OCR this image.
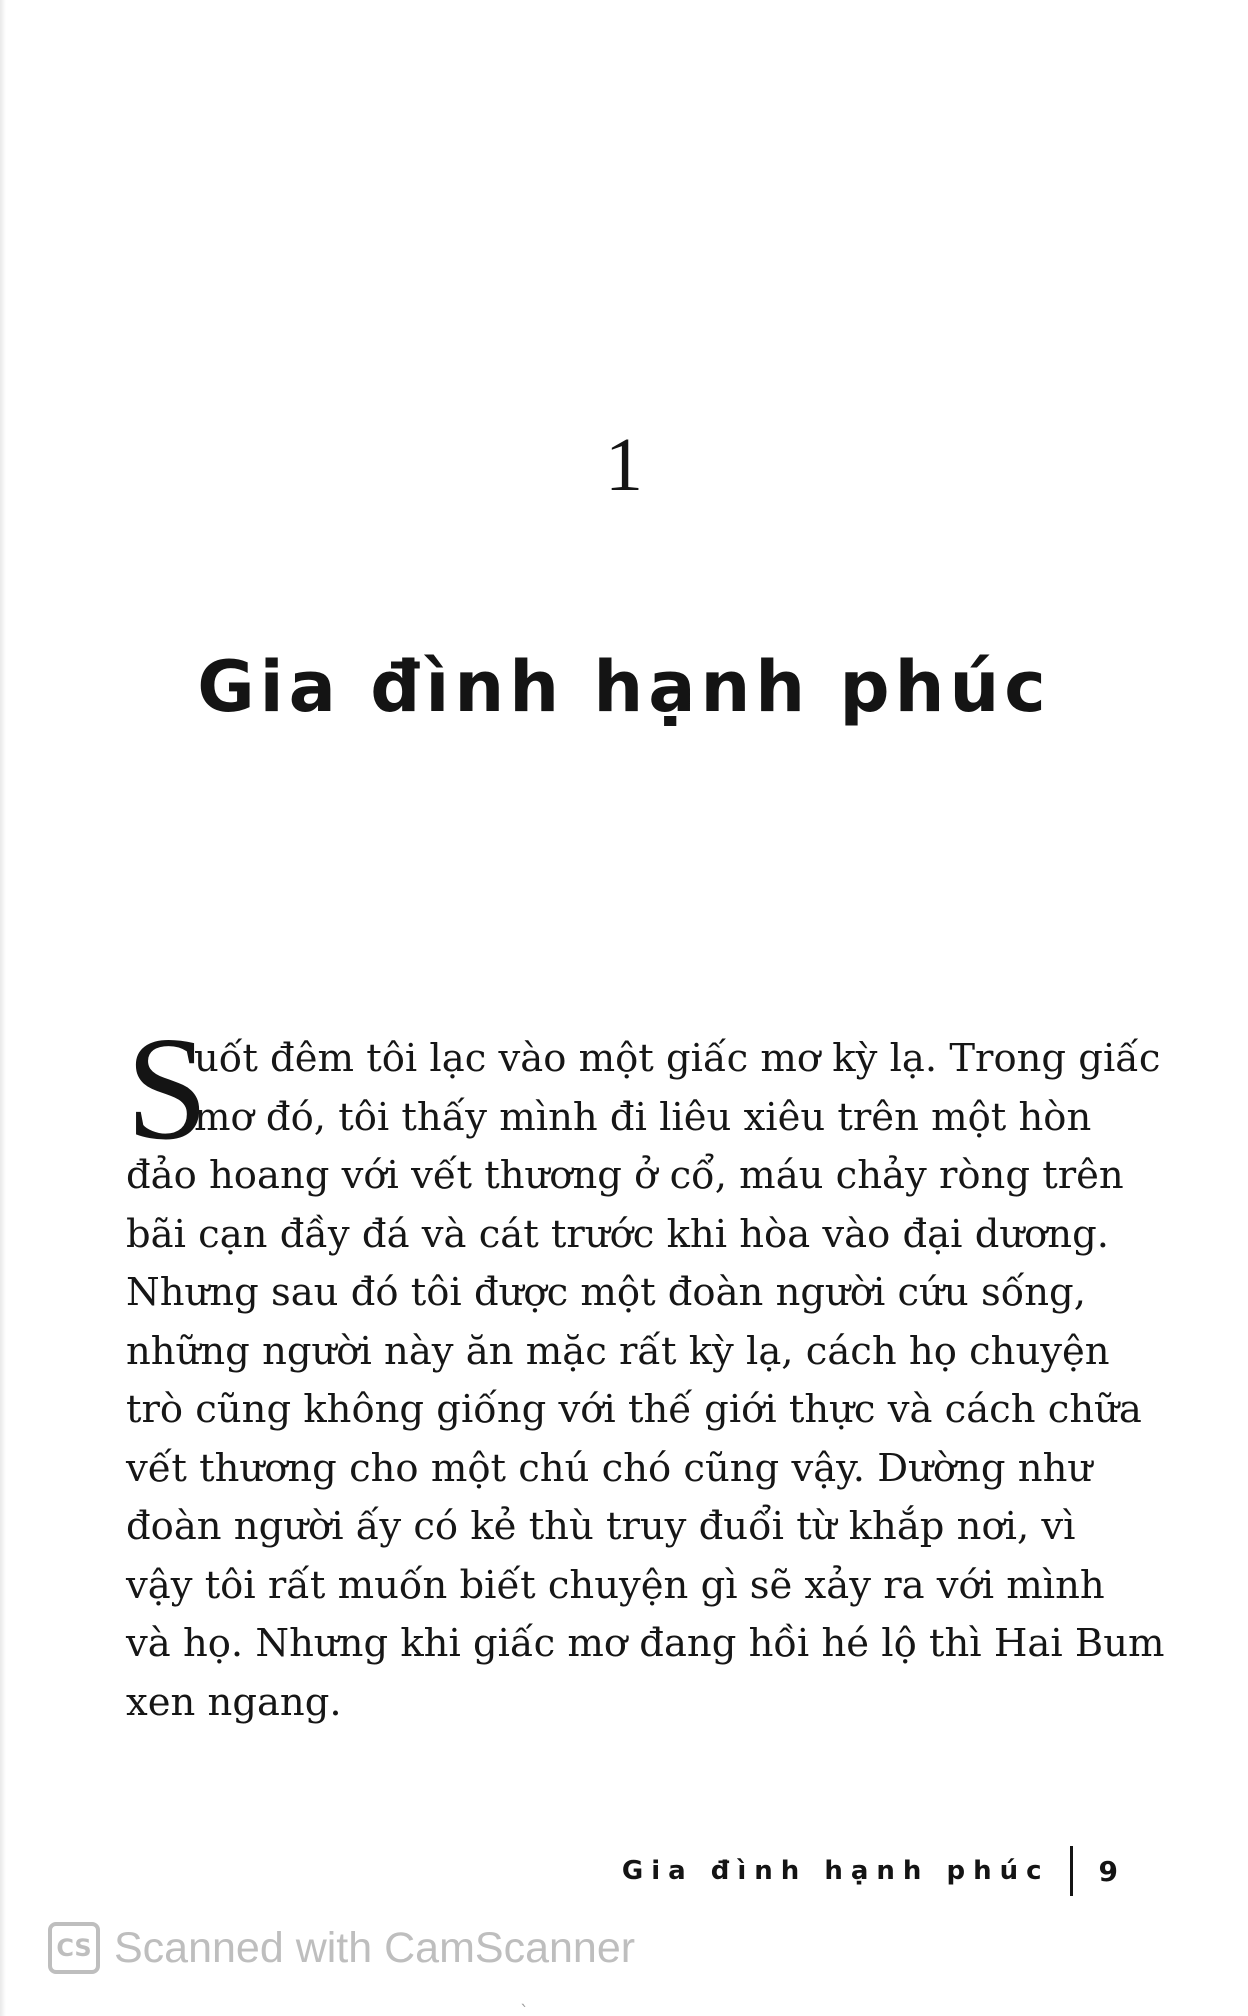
1
Gia đình hạnh phúc
S
uốt đêm tôi lạc vào một giấc mơ kỳ lạ. Trong giấc
mơ đó, tôi thấy mình đi liêu xiêu trên một hòn
đảo hoang với vết thương ở cổ, máu chảy ròng trên
bãi cạn đầy đá và cát trước khi hòa vào đại dương.
Nhưng sau đó tôi được một đoàn người cứu sống,
những người này ăn mặc rất kỳ lạ, cách họ chuyện
trò cũng không giống với thế giới thực và cách chữa
vết thương cho một chú chó cũng vậy. Dường như
đoàn người ấy có kẻ thù truy đuổi từ khắp nơi, vì
vậy tôi rất muốn biết chuyện gì sẽ xảy ra với mình
và họ. Nhưng khi giấc mơ đang hồi hé lộ thì Hai Bum
xen ngang.
Gia đình hạnh phúc 9
CS Scanned with CamScanner
`
